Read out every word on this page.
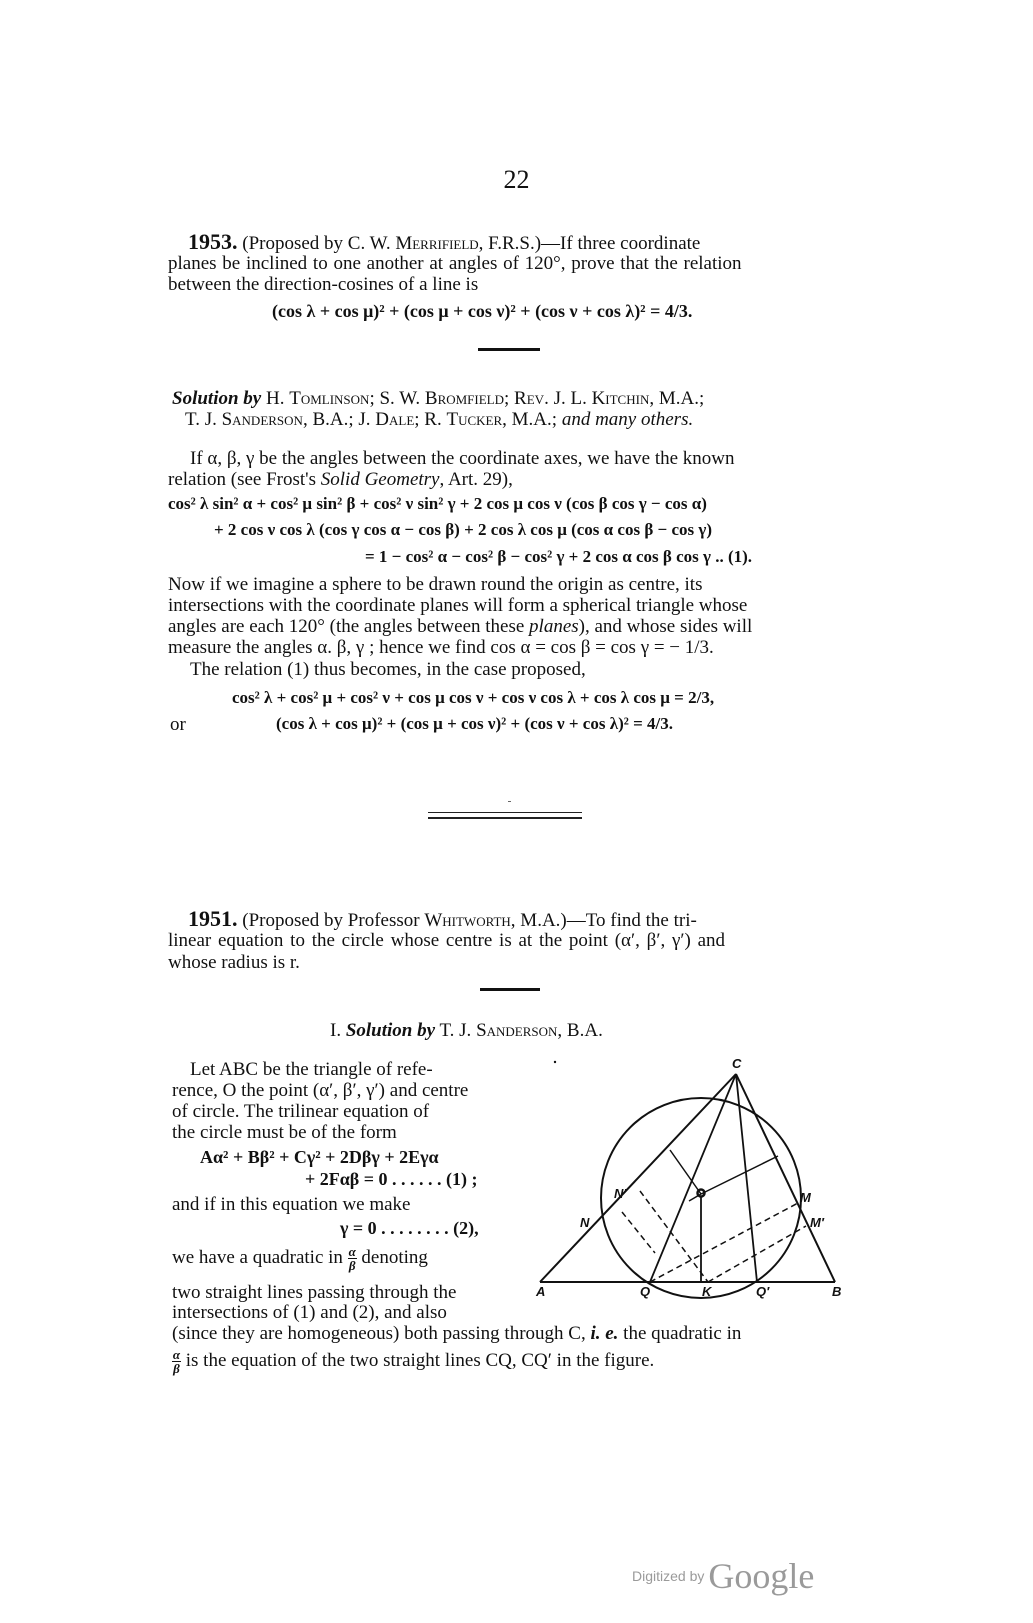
22
1953. (Proposed by C. W. Merrifield, F.R.S.)—If three coordinate
planes be inclined to one another at angles of 120°, prove that the relation
between the direction-cosines of a line is
(cos λ + cos μ)² + (cos μ + cos ν)² + (cos ν + cos λ)² = 4/3.
Solution by H. Tomlinson; S. W. Bromfield; Rev. J. L. Kitchin, M.A.;
T. J. Sanderson, B.A.; J. Dale; R. Tucker, M.A.; and many others.
If α, β, γ be the angles between the coordinate axes, we have the known
relation (see Frost's Solid Geometry, Art. 29),
cos² λ sin² α + cos² μ sin² β + cos² ν sin² γ + 2 cos μ cos ν (cos β cos γ − cos α)
+ 2 cos ν cos λ (cos γ cos α − cos β) + 2 cos λ cos μ (cos α cos β − cos γ)
= 1 − cos² α − cos² β − cos² γ + 2 cos α cos β cos γ .. (1).
Now if we imagine a sphere to be drawn round the origin as centre, its
intersections with the coordinate planes will form a spherical triangle whose
angles are each 120° (the angles between these planes), and whose sides will
measure the angles α. β, γ ; hence we find cos α = cos β = cos γ = − 1/3.
The relation (1) thus becomes, in the case proposed,
cos² λ + cos² μ + cos² ν + cos μ cos ν + cos ν cos λ + cos λ cos μ = 2/3,
or	(cos λ + cos μ)² + (cos μ + cos ν)² + (cos ν + cos λ)² = 4/3.
1951. (Proposed by Professor Whitworth, M.A.)—To find the tri-
linear equation to the circle whose centre is at the point (α′, β′, γ′) and
whose radius is r.
I. Solution by T. J. Sanderson, B.A.
Let ABC be the triangle of refe-
rence, O the point (α′, β′, γ′) and centre
of circle. The trilinear equation of
the circle must be of the form
Aα² + Bβ² + Cγ² + 2Dβγ + 2Eγα
+ 2Fαβ = 0 . . . . . . (1) ;
and if in this equation we make
γ = 0 . . . . . . . . (2),
we have a quadratic in $\frac{\alpha}{\beta}$ denoting
two straight lines passing through the
intersections of (1) and (2), and also
(since they are homogeneous) both passing through C, i. e. the quadratic in
$\frac{\alpha}{\beta}$ is the equation of the two straight lines CQ, CQ′ in the figure.
C
N′
N
M
M′
A	Q	K	Q′	B
Digitized by Google
